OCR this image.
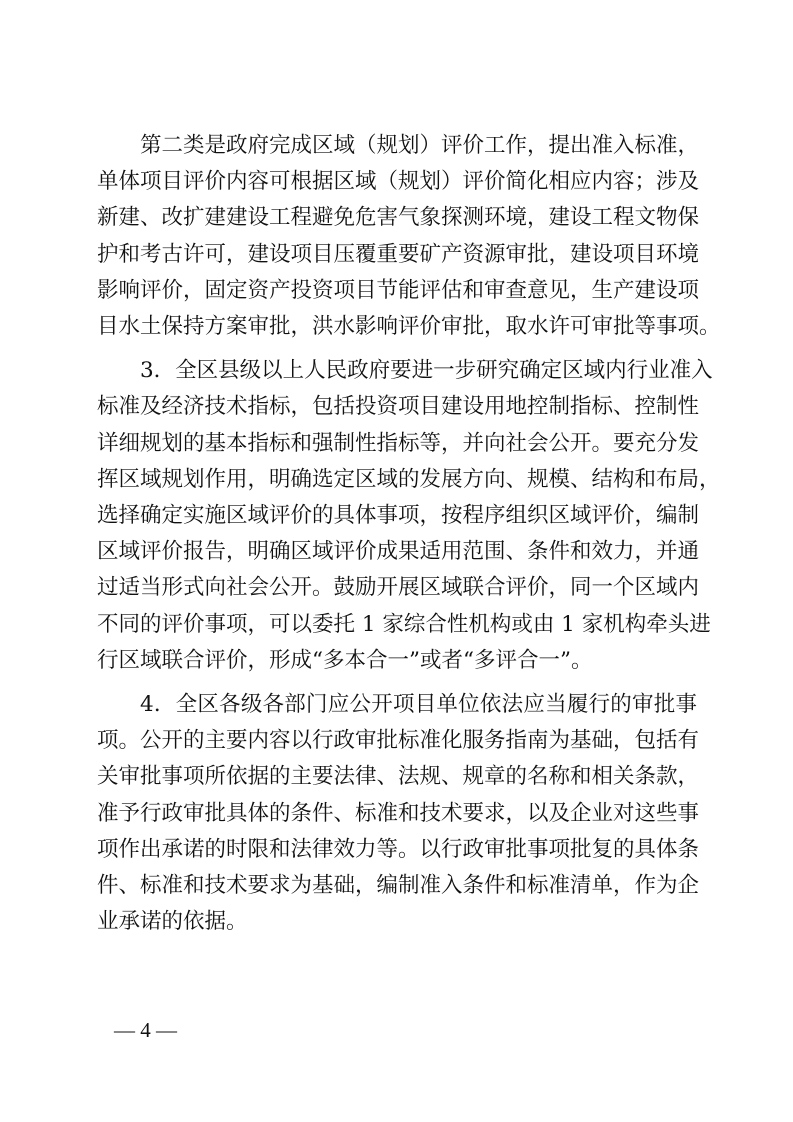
第二类是政府完成区域（规划）评价工作，提出准入标准，
单体项目评价内容可根据区域（规划）评价简化相应内容；涉及
新建、改扩建建设工程避免危害气象探测环境，建设工程文物保
护和考古许可，建设项目压覆重要矿产资源审批，建设项目环境
影响评价，固定资产投资项目节能评估和审查意见，生产建设项
目水土保持方案审批，洪水影响评价审批，取水许可审批等事项。
3．全区县级以上人民政府要进一步研究确定区域内行业准入
标准及经济技术指标，包括投资项目建设用地控制指标、控制性
详细规划的基本指标和强制性指标等，并向社会公开。要充分发
挥区域规划作用，明确选定区域的发展方向、规模、结构和布局，
选择确定实施区域评价的具体事项，按程序组织区域评价，编制
区域评价报告，明确区域评价成果适用范围、条件和效力，并通
过适当形式向社会公开。鼓励开展区域联合评价，同一个区域内
不同的评价事项，可以委托 1 家综合性机构或由 1 家机构牵头进
行区域联合评价，形成“多本合一”或者“多评合一”。
4．全区各级各部门应公开项目单位依法应当履行的审批事
项。公开的主要内容以行政审批标准化服务指南为基础，包括有
关审批事项所依据的主要法律、法规、规章的名称和相关条款，
准予行政审批具体的条件、标准和技术要求，以及企业对这些事
项作出承诺的时限和法律效力等。以行政审批事项批复的具体条
件、标准和技术要求为基础，编制准入条件和标准清单，作为企
业承诺的依据。
— 4 —
